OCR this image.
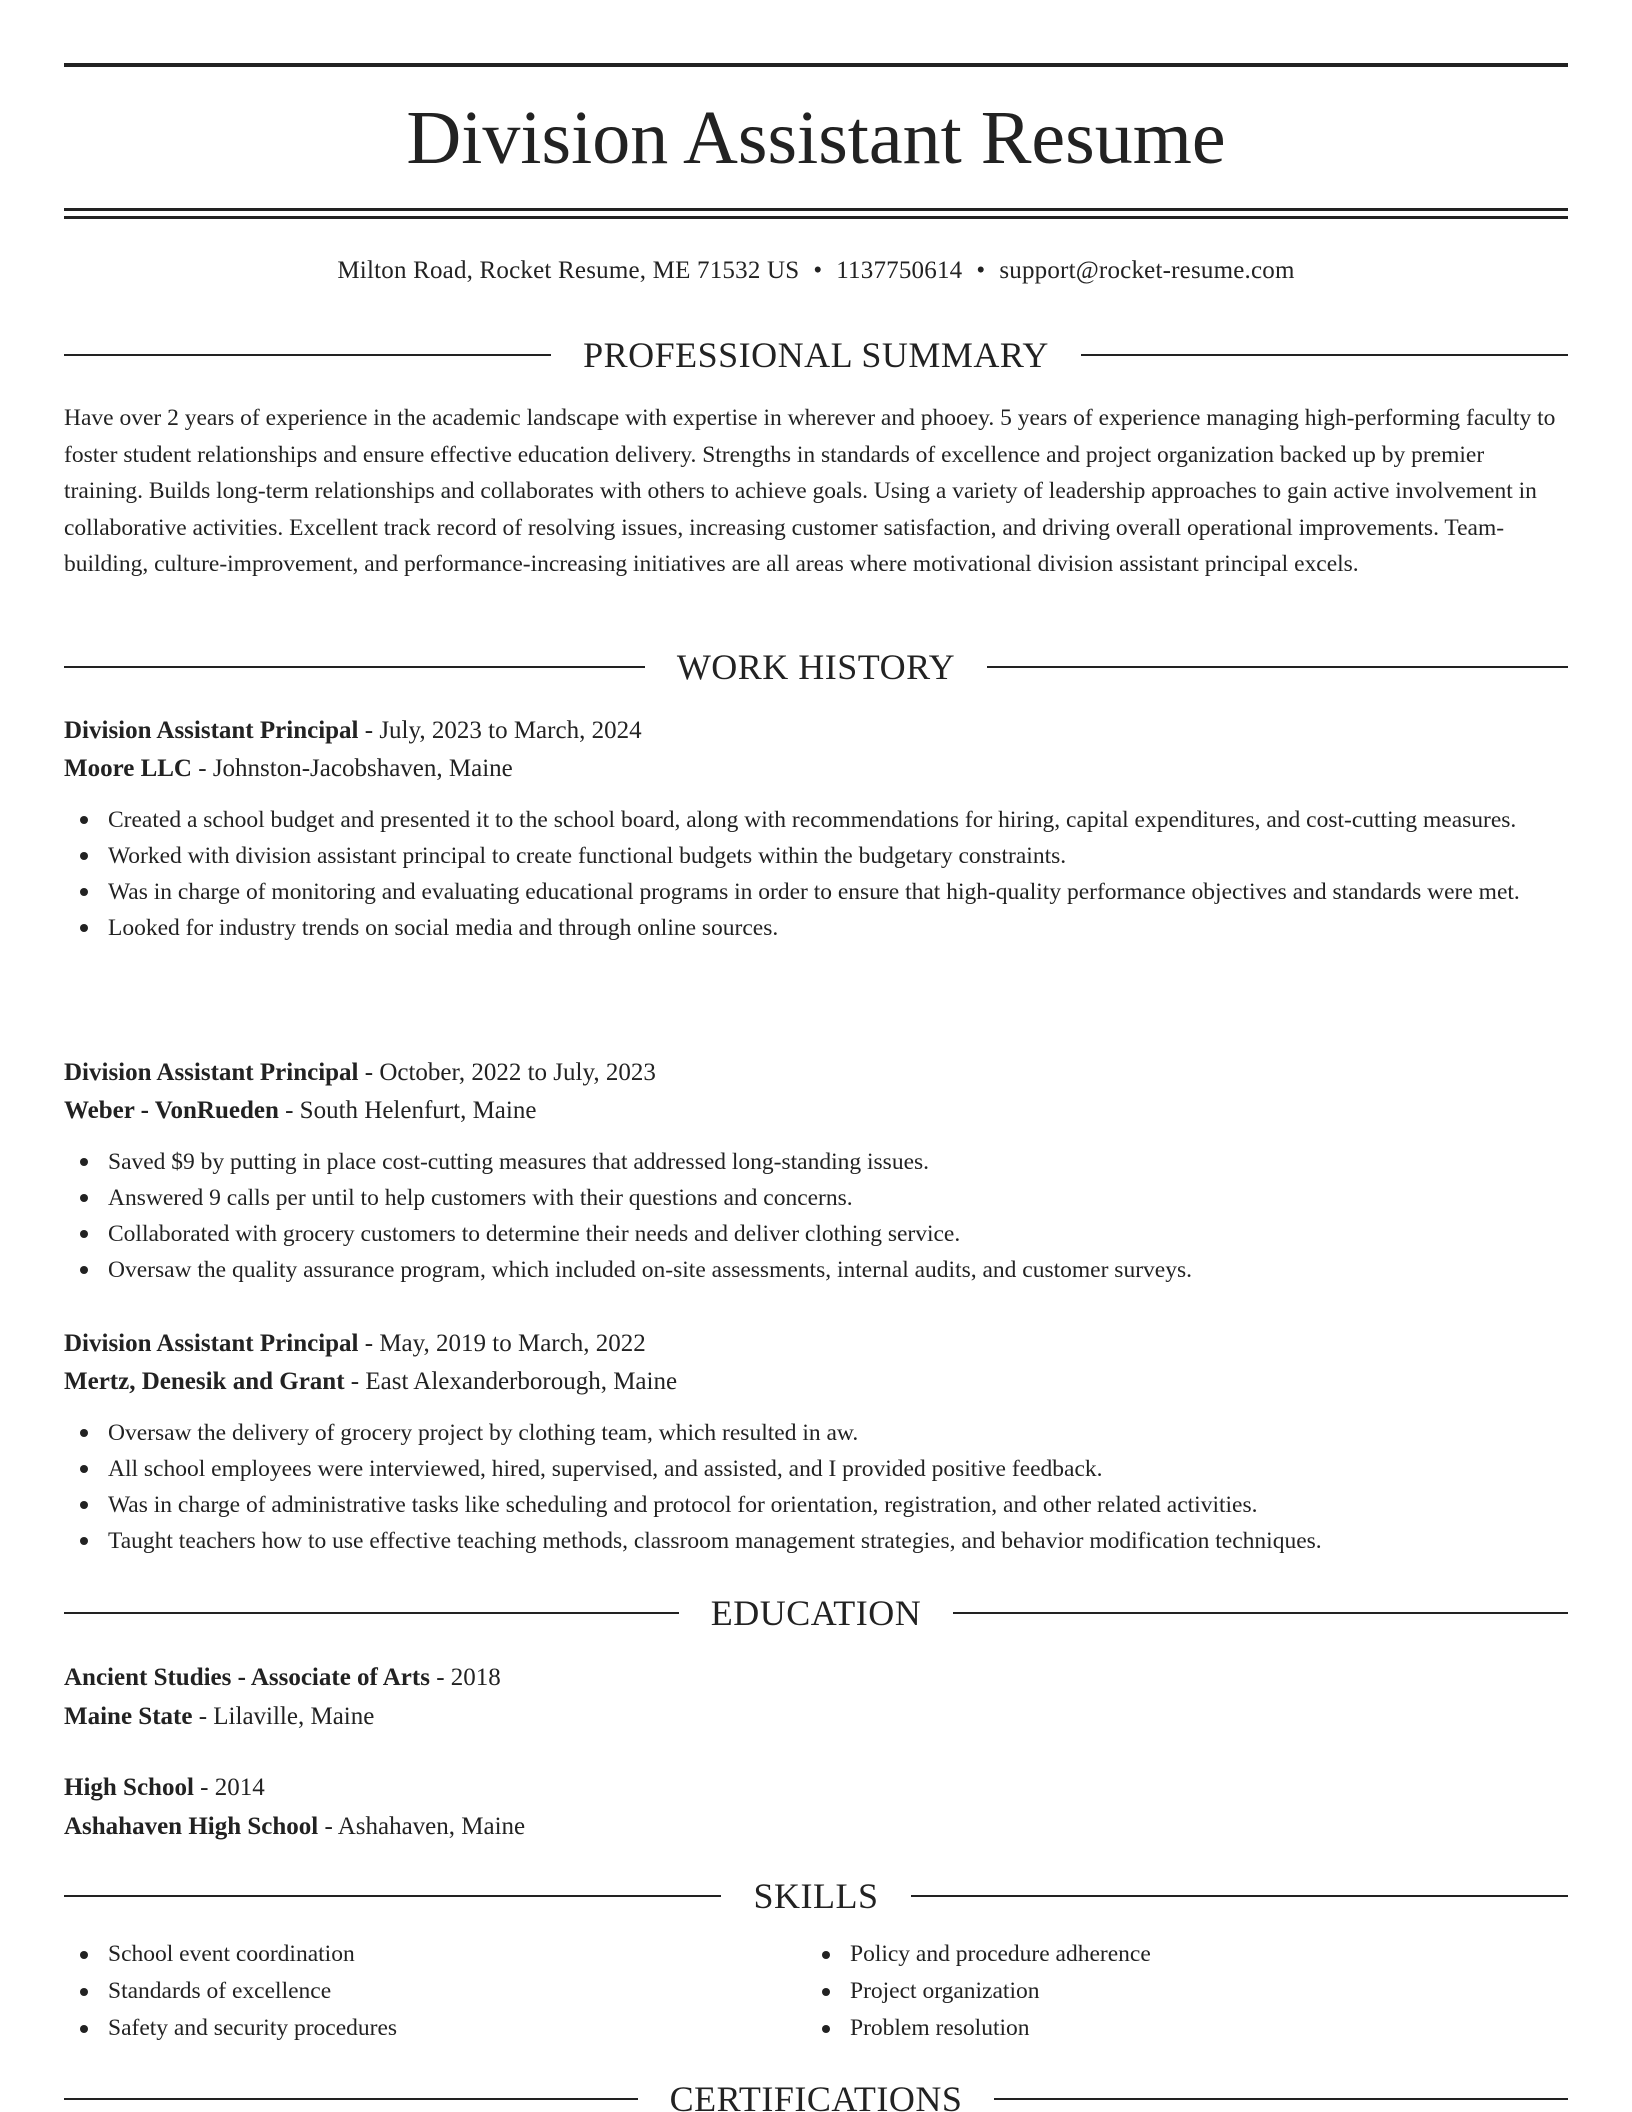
Division Assistant Resume
Milton Road, Rocket Resume, ME 71532 US • 1137750614 • support@rocket-resume.com
PROFESSIONAL SUMMARY

Have over 2 years of experience in the academic landscape with expertise in wherever and phooey. 5 years of experience managing high-performing faculty to foster student relationships and ensure effective education delivery. Strengths in standards of excellence and project organization backed up by premier training. Builds long-term relationships and collaborates with others to achieve goals. Using a variety of leadership approaches to gain active involvement in collaborative activities. Excellent track record of resolving issues, increasing customer satisfaction, and driving overall operational improvements. Team-building, culture-improvement, and performance-increasing initiatives are all areas where motivational division assistant principal excels.

WORK HISTORY
Division Assistant Principal - July, 2023 to March, 2024
Moore LLC - Johnston-Jacobshaven, Maine
Created a school budget and presented it to the school board, along with recommendations for hiring, capital expenditures, and cost-cutting measures.
Worked with division assistant principal to create functional budgets within the budgetary constraints.
Was in charge of monitoring and evaluating educational programs in order to ensure that high-quality performance objectives and standards were met.
Looked for industry trends on social media and through online sources.
Division Assistant Principal - October, 2022 to July, 2023
Weber - VonRueden - South Helenfurt, Maine
Saved $9 by putting in place cost-cutting measures that addressed long-standing issues.
Answered 9 calls per until to help customers with their questions and concerns.
Collaborated with grocery customers to determine their needs and deliver clothing service.
Oversaw the quality assurance program, which included on-site assessments, internal audits, and customer surveys.
Division Assistant Principal - May, 2019 to March, 2022
Mertz, Denesik and Grant - East Alexanderborough, Maine
Oversaw the delivery of grocery project by clothing team, which resulted in aw.
All school employees were interviewed, hired, supervised, and assisted, and I provided positive feedback.
Was in charge of administrative tasks like scheduling and protocol for orientation, registration, and other related activities.
Taught teachers how to use effective teaching methods, classroom management strategies, and behavior modification techniques.
EDUCATION
Ancient Studies - Associate of Arts - 2018
Maine State - Lilaville, Maine
High School - 2014
Ashahaven High School - Ashahaven, Maine
SKILLS
School event coordination
Standards of excellence
Safety and security procedures
Policy and procedure adherence
Project organization
Problem resolution
CERTIFICATIONS
